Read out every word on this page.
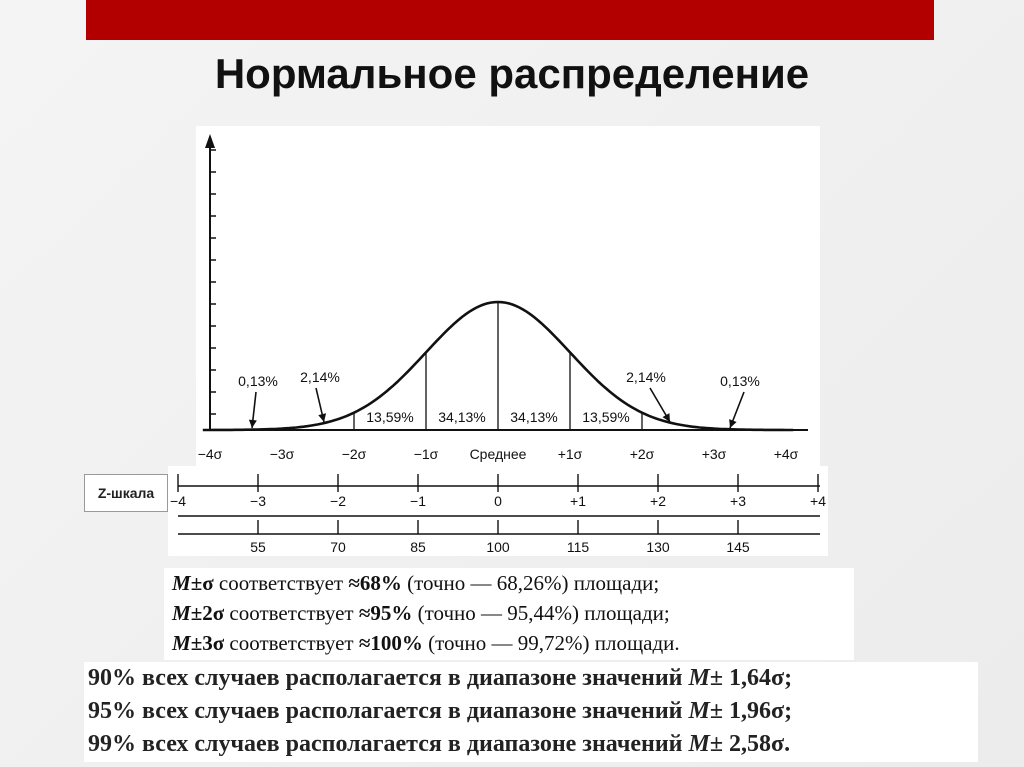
Нормальное распределение
−4σ	−3σ	−2σ	−1σ Среднее +1σ	+2σ	+3σ	+4σ
0,13% 2,14%
13,59% 34,13% 34,13% 13,59%
2,14%	0,13%
Z-шкала	−4	−3	−2	−1	0	+1	+2	+3	+4
55	70	85	100	115	130	145
M±σ соответствует ≈68% (точно — 68,26%) площади;
M±2σ соответствует ≈95% (точно — 95,44%) площади;
M±3σ соответствует ≈100% (точно — 99,72%) площади.
90% всех случаев располагается в диапазоне значений M± 1,64σ;
95% всех случаев располагается в диапазоне значений M± 1,96σ;
99% всех случаев располагается в диапазоне значений M± 2,58σ.
